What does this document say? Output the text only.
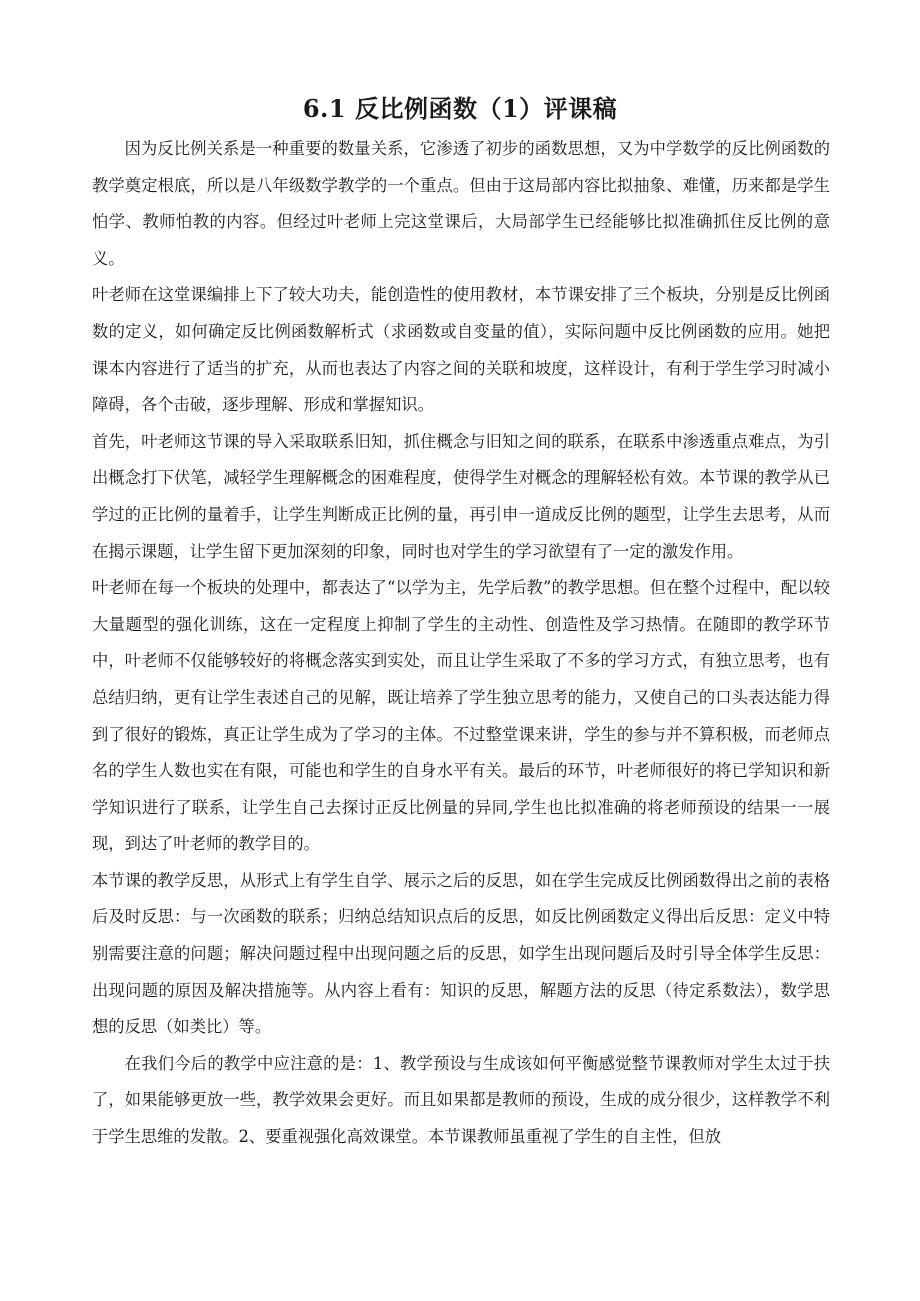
6.1 反比例函数（1）评课稿

因为反比例关系是一种重要的数量关系，它渗透了初步的函数思想，又为中学数学的反比例函数的教学奠定根底，所以是八年级数学教学的一个重点。但由于这局部内容比拟抽象、难懂，历来都是学生怕学、教师怕教的内容。但经过叶老师上完这堂课后，大局部学生已经能够比拟准确抓住反比例的意义。

叶老师在这堂课编排上下了较大功夫，能创造性的使用教材，本节课安排了三个板块，分别是反比例函数的定义，如何确定反比例函数解析式（求函数或自变量的值），实际问题中反比例函数的应用。她把课本内容进行了适当的扩充，从而也表达了内容之间的关联和坡度，这样设计，有利于学生学习时减小障碍，各个击破，逐步理解、形成和掌握知识。

首先，叶老师这节课的导入采取联系旧知，抓住概念与旧知之间的联系，在联系中渗透重点难点，为引出概念打下伏笔，减轻学生理解概念的困难程度，使得学生对概念的理解轻松有效。本节课的教学从已学过的正比例的量着手，让学生判断成正比例的量，再引申一道成反比例的题型，让学生去思考，从而在揭示课题，让学生留下更加深刻的印象，同时也对学生的学习欲望有了一定的激发作用。

叶老师在每一个板块的处理中，都表达了“以学为主，先学后教”的教学思想。但在整个过程中，配以较大量题型的强化训练，这在一定程度上抑制了学生的主动性、创造性及学习热情。在随即的教学环节中，叶老师不仅能够较好的将概念落实到实处，而且让学生采取了不多的学习方式，有独立思考，也有总结归纳，更有让学生表述自己的见解，既让培养了学生独立思考的能力，又使自己的口头表达能力得到了很好的锻炼，真正让学生成为了学习的主体。不过整堂课来讲，学生的参与并不算积极，而老师点名的学生人数也实在有限，可能也和学生的自身水平有关。最后的环节，叶老师很好的将已学知识和新学知识进行了联系，让学生自己去探讨正反比例量的异同,学生也比拟准确的将老师预设的结果一一展现，到达了叶老师的教学目的。

本节课的教学反思，从形式上有学生自学、展示之后的反思，如在学生完成反比例函数得出之前的表格后及时反思：与一次函数的联系；归纳总结知识点后的反思，如反比例函数定义得出后反思：定义中特别需要注意的问题；解决问题过程中出现问题之后的反思，如学生出现问题后及时引导全体学生反思：出现问题的原因及解决措施等。从内容上看有：知识的反思，解题方法的反思（待定系数法），数学思想的反思（如类比）等。

在我们今后的教学中应注意的是：1、教学预设与生成该如何平衡感觉整节课教师对学生太过于扶了，如果能够更放一些，教学效果会更好。而且如果都是教师的预设，生成的成分很少，这样教学不利于学生思维的发散。2、要重视强化高效课堂。本节课教师虽重视了学生的自主性，但放
